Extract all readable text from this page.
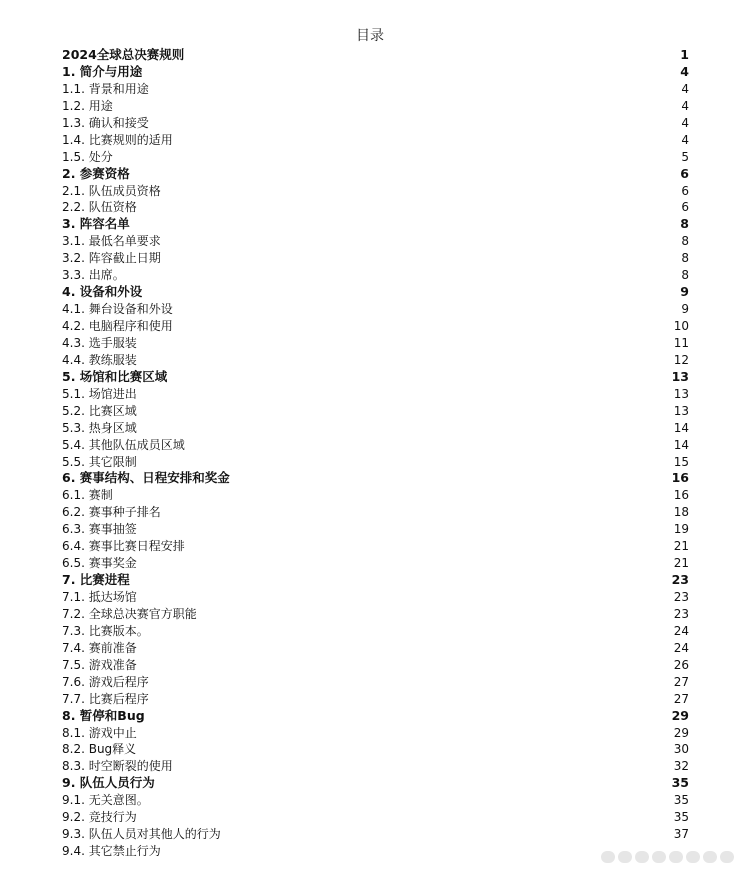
目录
2024全球总决赛规则	1
1. 简介与用途	4
1.1. 背景和用途	4
1.2. 用途	4
1.3. 确认和接受	4
1.4. 比赛规则的适用	4
1.5. 处分	5
2. 参赛资格	6
2.1. 队伍成员资格	6
2.2. 队伍资格	6
3. 阵容名单	8
3.1. 最低名单要求	8
3.2. 阵容截止日期	8
3.3. 出席。	8
4. 设备和外设	9
4.1. 舞台设备和外设	9
4.2. 电脑程序和使用	10
4.3. 选手服装	11
4.4. 教练服装	12
5. 场馆和比赛区域	13
5.1. 场馆进出	13
5.2. 比赛区域	13
5.3. 热身区域	14
5.4. 其他队伍成员区域	14
5.5. 其它限制	15
6. 赛事结构、日程安排和奖金	16
6.1. 赛制	16
6.2. 赛事种子排名	18
6.3. 赛事抽签	19
6.4. 赛事比赛日程安排	21
6.5. 赛事奖金	21
7. 比赛进程	23
7.1. 抵达场馆	23
7.2. 全球总决赛官方职能	23
7.3. 比赛版本。	24
7.4. 赛前准备	24
7.5. 游戏准备	26
7.6. 游戏后程序	27
7.7. 比赛后程序	27
8. 暂停和Bug	29
8.1. 游戏中止	29
8.2. Bug释义	30
8.3. 时空断裂的使用	32
9. 队伍人员行为	35
9.1. 无关意图。	35
9.2. 竞技行为	35
9.3. 队伍人员对其他人的行为	37
9.4. 其它禁止行为
